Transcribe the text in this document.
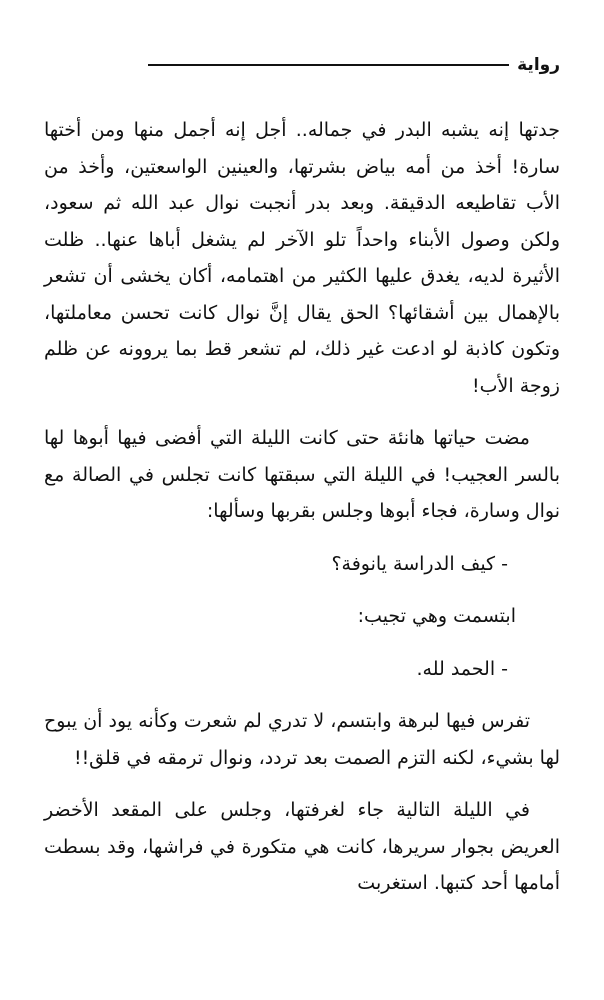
رواية

جدتها إنه يشبه البدر في جماله.. أجل إنه أجمل منها ومن أختها سارة! أخذ من أمه بياض بشرتها، والعينين الواسعتين، وأخذ من الأب تقاطيعه الدقيقة. وبعد بدر أنجبت نوال عبد الله ثم سعود، ولكن وصول الأبناء واحداً تلو الآخر لم يشغل أباها عنها.. ظلت الأثيرة لديه، يغدق عليها الكثير من اهتمامه، أكان يخشى أن تشعر بالإهمال بين أشقائها؟ الحق يقال إنَّ نوال كانت تحسن معاملتها، وتكون كاذبة لو ادعت غير ذلك، لم تشعر قط بما يروونه عن ظلم زوجة الأب!

مضت حياتها هانئة حتى كانت الليلة التي أفضى فيها أبوها لها بالسر العجيب! في الليلة التي سبقتها كانت تجلس في الصالة مع نوال وسارة، فجاء أبوها وجلس بقربها وسألها:

- كيف الدراسة يانوفة؟

ابتسمت وهي تجيب:

- الحمد لله.

تفرس فيها لبرهة وابتسم، لا تدري لم شعرت وكأنه يود أن يبوح لها بشيء، لكنه التزم الصمت بعد تردد، ونوال ترمقه في قلق!!

في الليلة التالية جاء لغرفتها، وجلس على المقعد الأخضر العريض بجوار سريرها، كانت هي متكورة في فراشها، وقد بسطت أمامها أحد كتبها. استغربت
